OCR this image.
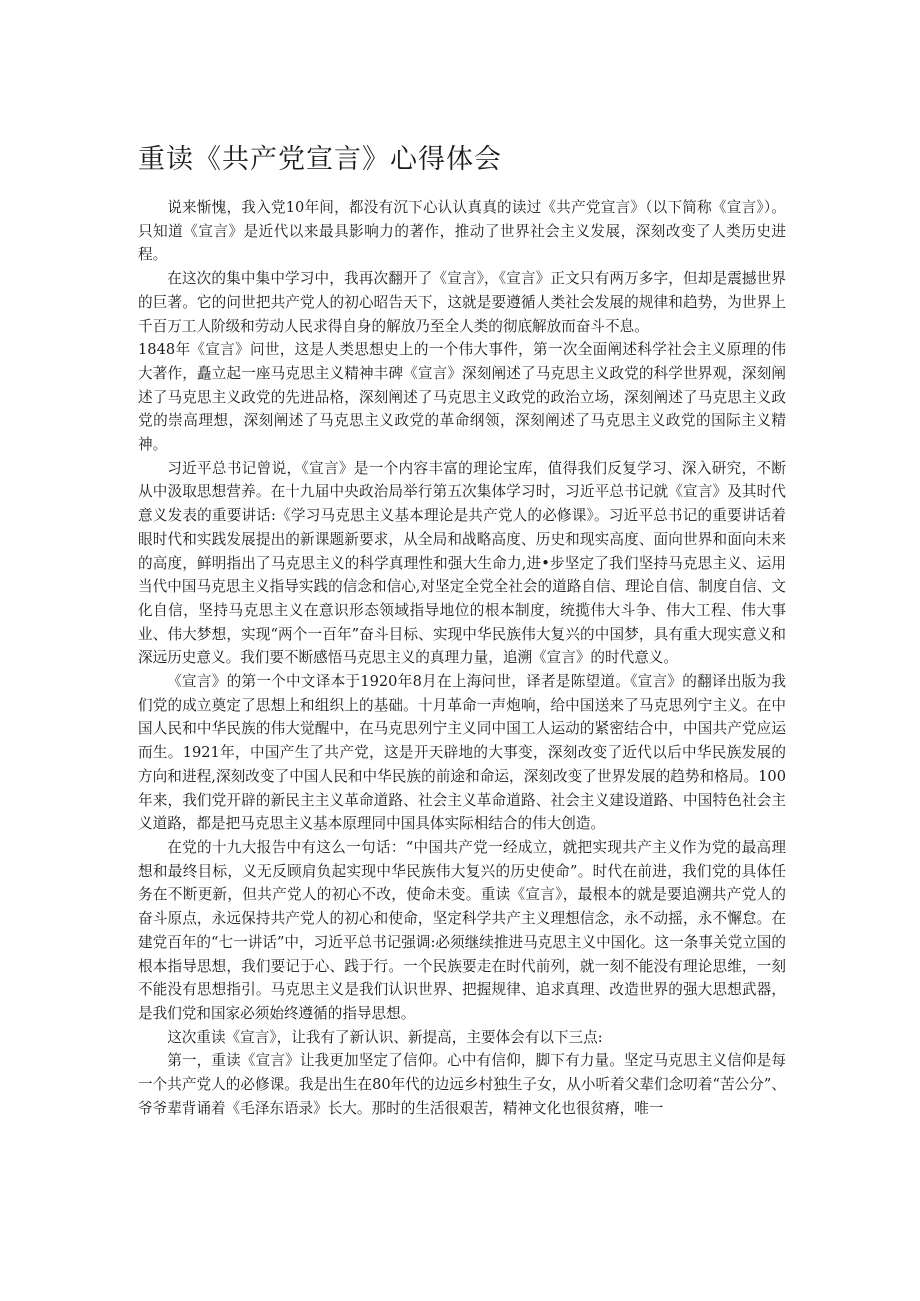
重读《共产党宣言》心得体会

说来惭愧，我入党10年间，都没有沉下心认认真真的读过《共产党宣言》（以下简称《宣言》）。只知道《宣言》是近代以来最具影响力的著作，推动了世界社会主义发展，深刻改变了人类历史进程。

在这次的集中集中学习中，我再次翻开了《宣言》，《宣言》正文只有两万多字，但却是震撼世界的巨著。它的问世把共产党人的初心昭告天下，这就是要遵循人类社会发展的规律和趋势，为世界上千百万工人阶级和劳动人民求得自身的解放乃至全人类的彻底解放而奋斗不息。

1848年《宣言》问世，这是人类思想史上的一个伟大事件，第一次全面阐述科学社会主义原理的伟大著作，矗立起一座马克思主义精神丰碑《宣言》深刻阐述了马克思主义政党的科学世界观，深刻阐述了马克思主义政党的先进品格，深刻阐述了马克思主义政党的政治立场，深刻阐述了马克思主义政党的崇高理想，深刻阐述了马克思主义政党的革命纲领，深刻阐述了马克思主义政党的国际主义精神。

习近平总书记曾说，《宣言》是一个内容丰富的理论宝库，值得我们反复学习、深入研究，不断从中汲取思想营养。在十九届中央政治局举行第五次集体学习时，习近平总书记就《宣言》及其时代意义发表的重要讲话:《学习马克思主义基本理论是共产党人的必修课》。习近平总书记的重要讲话着眼时代和实践发展提出的新课题新要求，从全局和战略高度、历史和现实高度、面向世界和面向未来的高度，鲜明指出了马克思主义的科学真理性和强大生命力,进•步坚定了我们坚持马克思主义、运用当代中国马克思主义指导实践的信念和信心,对坚定全党全社会的道路自信、理论自信、制度自信、文化自信，坚持马克思主义在意识形态领域指导地位的根本制度，统揽伟大斗争、伟大工程、伟大事业、伟大梦想，实现“两个一百年”奋斗目标、实现中华民族伟大复兴的中国梦，具有重大现实意义和深远历史意义。我们要不断感悟马克思主义的真理力量，追溯《宣言》的时代意义。

《宣言》的第一个中文译本于1920年8月在上海问世，译者是陈望道。《宣言》的翻译出版为我们党的成立奠定了思想上和组织上的基础。十月革命一声炮响，给中国送来了马克思列宁主义。在中国人民和中华民族的伟大觉醒中，在马克思列宁主义同中国工人运动的紧密结合中，中国共产党应运而生。1921年，中国产生了共产党，这是开天辟地的大事变，深刻改变了近代以后中华民族发展的方向和进程,深刻改变了中国人民和中华民族的前途和命运，深刻改变了世界发展的趋势和格局。100年来，我们党开辟的新民主主义革命道路、社会主义革命道路、社会主义建设道路、中国特色社会主义道路，都是把马克思主义基本原理同中国具体实际相结合的伟大创造。

在党的十九大报告中有这么一句话：“中国共产党一经成立，就把实现共产主义作为党的最高理想和最终目标，义无反顾肩负起实现中华民族伟大复兴的历史使命”。时代在前进，我们党的具体任务在不断更新，但共产党人的初心不改，使命未变。重读《宣言》，最根本的就是要追溯共产党人的奋斗原点，永远保持共产党人的初心和使命，坚定科学共产主义理想信念，永不动摇，永不懈怠。在建党百年的“七一讲话”中，习近平总书记强调:必须继续推进马克思主义中国化。这一条事关党立国的根本指导思想，我们要记于心、践于行。一个民族要走在时代前列，就一刻不能没有理论思维，一刻不能没有思想指引。马克思主义是我们认识世界、把握规律、追求真理、改造世界的强大思想武器，是我们党和国家必须始终遵循的指导思想。

这次重读《宣言》，让我有了新认识、新提高，主要体会有以下三点:

第一，重读《宣言》让我更加坚定了信仰。心中有信仰，脚下有力量。坚定马克思主义信仰是每一个共产党人的必修课。我是出生在80年代的边远乡村独生子女，从小听着父辈们念叨着“苦公分”、爷爷辈背诵着《毛泽东语录》长大。那时的生活很艰苦，精神文化也很贫瘠，唯一
